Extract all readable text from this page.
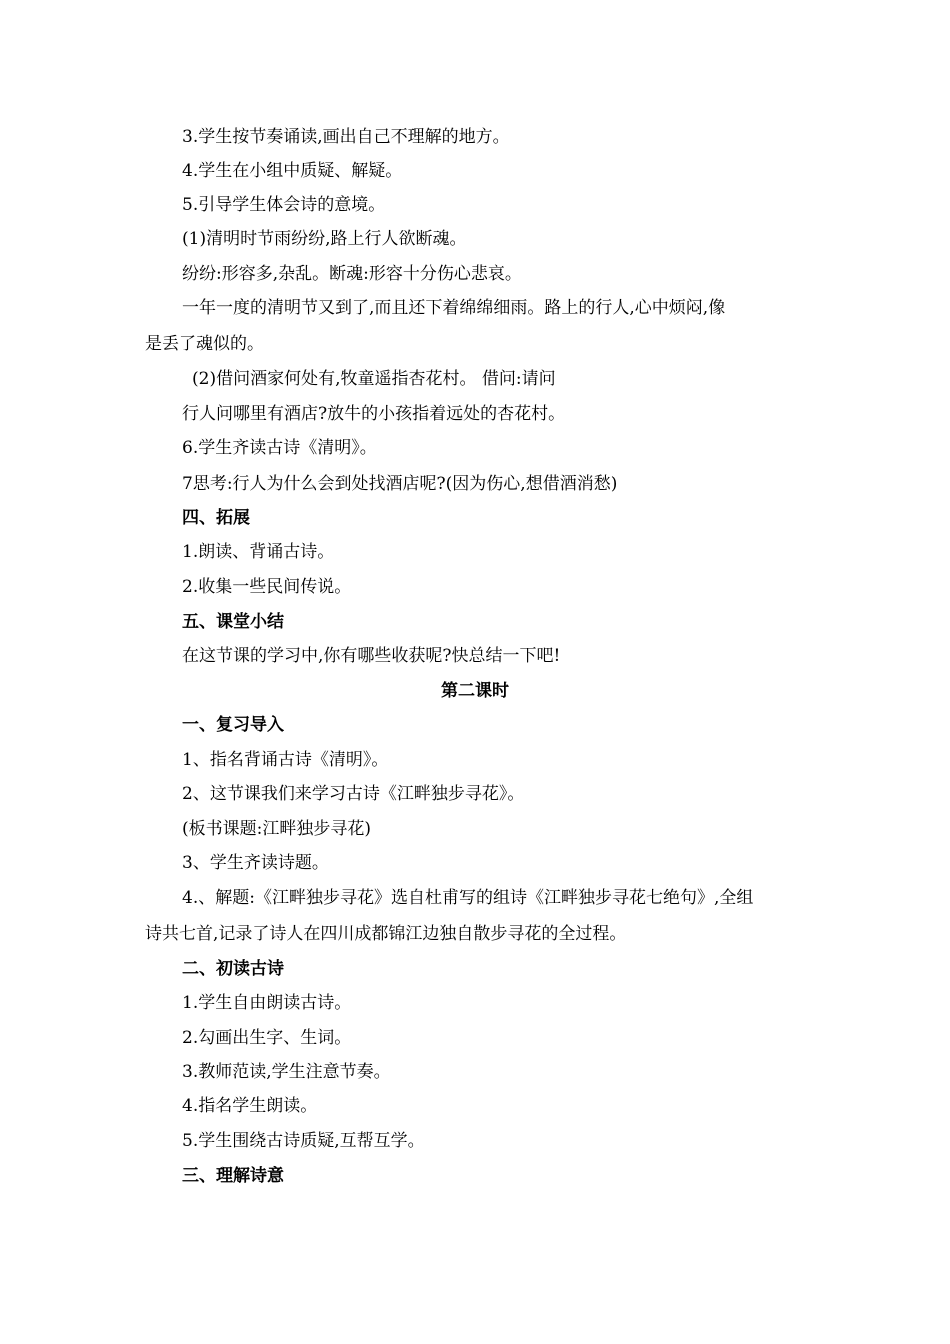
3.学生按节奏诵读,画出自己不理解的地方。
4.学生在小组中质疑、解疑。
5.引导学生体会诗的意境。
(1)清明时节雨纷纷,路上行人欲断魂。
纷纷:形容多,杂乱。断魂:形容十分伤心悲哀。
一年一度的清明节又到了,而且还下着绵绵细雨。路上的行人,心中烦闷,像
是丢了魂似的。
(2)借问酒家何处有,牧童遥指杏花村。 借问:请问
行人问哪里有酒店?放牛的小孩指着远处的杏花村。
6.学生齐读古诗《清明》。
7思考:行人为什么会到处找酒店呢?(因为伤心,想借酒消愁)
四、拓展
1.朗读、背诵古诗。
2.收集一些民间传说。
五、课堂小结
在这节课的学习中,你有哪些收获呢?快总结一下吧!
第二课时
一、复习导入
1、指名背诵古诗《清明》。
2、这节课我们来学习古诗《江畔独步寻花》。
(板书课题:江畔独步寻花)
3、学生齐读诗题。
4.、解题:《江畔独步寻花》选自杜甫写的组诗《江畔独步寻花七绝句》,全组
诗共七首,记录了诗人在四川成都锦江边独自散步寻花的全过程。
二、初读古诗
1.学生自由朗读古诗。
2.勾画出生字、生词。
3.教师范读,学生注意节奏。
4.指名学生朗读。
5.学生围绕古诗质疑,互帮互学。
三、理解诗意
